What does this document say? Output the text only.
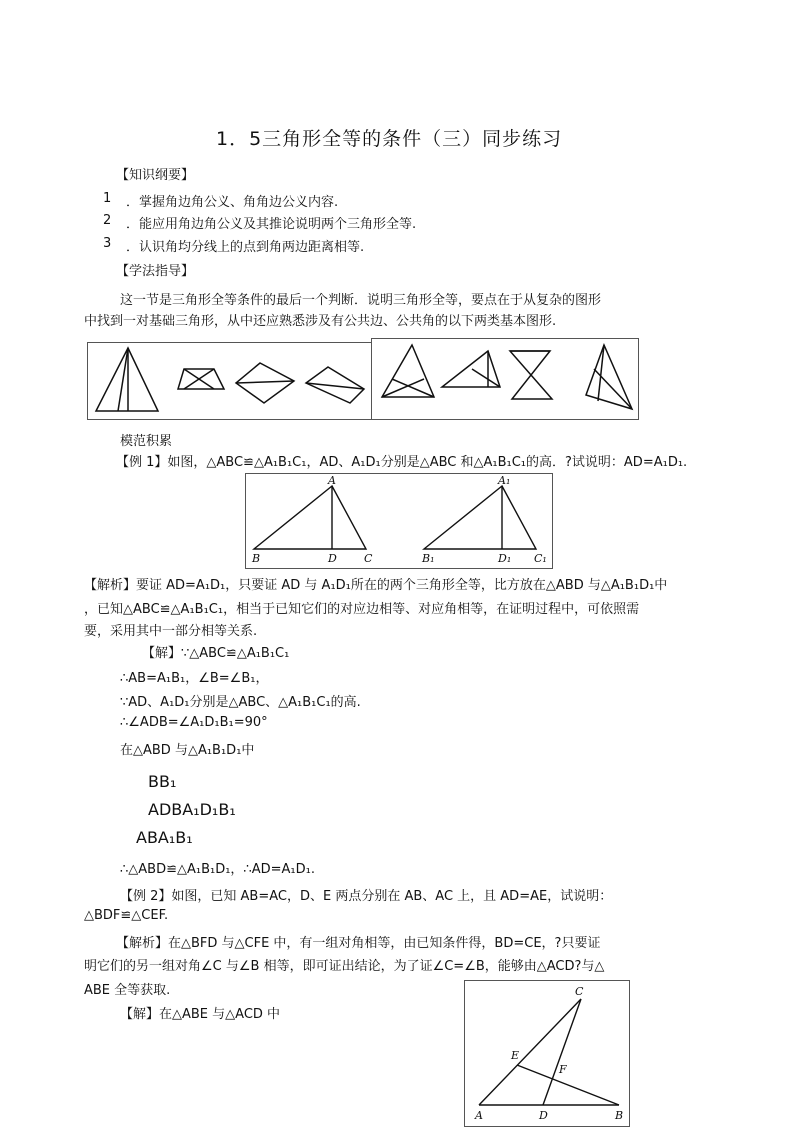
1．5三角形全等的条件（三）同步练习
【知识纲要】
1 ．掌握角边角公义、角角边公义内容.
2 ．能应用角边角公义及其推论说明两个三角形全等.
3 ．认识角均分线上的点到角两边距离相等.
【学法指导】
这一节是三角形全等条件的最后一个判断．说明三角形全等，要点在于从复杂的图形
中找到一对基础三角形，从中还应熟悉涉及有公共边、公共角的以下两类基本图形.
模范积累
【例 1】如图，△ABC≌△A₁B₁C₁，AD、A₁D₁分别是△ABC 和△A₁B₁C₁的高．?试说明：AD=A₁D₁.
A
B	D C
A₁
B₁	D₁ C₁
【解析】要证 AD=A₁D₁，只要证 AD 与 A₁D₁所在的两个三角形全等，比方放在△ABD 与△A₁B₁D₁中
，已知△ABC≌△A₁B₁C₁，相当于已知它们的对应边相等、对应角相等，在证明过程中，可依照需
要，采用其中一部分相等关系.
【解】∵△ABC≌△A₁B₁C₁
∴AB=A₁B₁，∠B=∠B₁，
∵AD、A₁D₁分别是△ABC、△A₁B₁C₁的高.
∴∠ADB=∠A₁D₁B₁=90°
在△ABD 与△A₁B₁D₁中
BB₁
ADBA₁D₁B₁
ABA₁B₁
∴△ABD≌△A₁B₁D₁，∴AD=A₁D₁.
【例 2】如图，已知 AB=AC，D、E 两点分别在 AB、AC 上，且 AD=AE，试说明：
△BDF≌△CEF.
【解析】在△BFD 与△CFE 中，有一组对角相等，由已知条件得，BD=CE，?只要证
明它们的另一组对角∠C 与∠B 相等，即可证出结论，为了证∠C=∠B，能够由△ACD?与△
ABE 全等获取.
【解】在△ABE 与△ACD 中
C
E
F
A	D	B
